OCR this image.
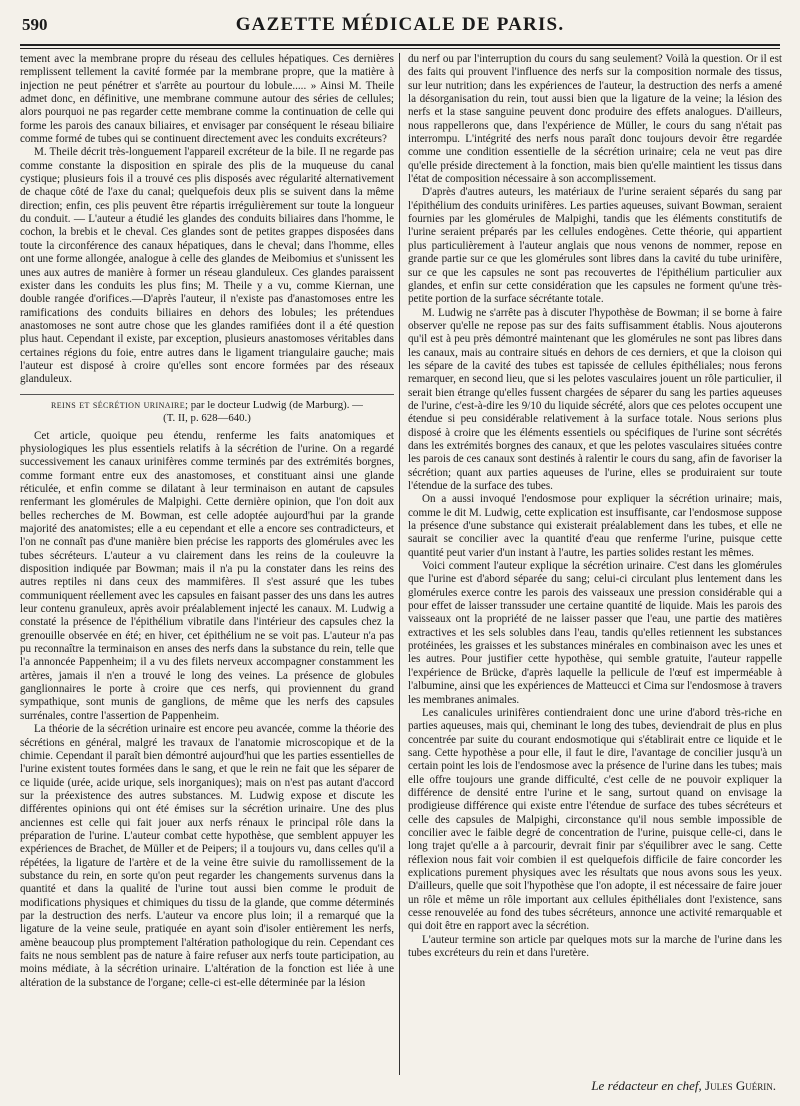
590	GAZETTE MÉDICALE DE PARIS.

tement avec la membrane propre du réseau des cellules hépatiques. Ces dernières remplissent tellement la cavité formée par la membrane propre, que la matière à injection ne peut pénétrer et s'arrête au pourtour du lobule..... » Ainsi M. Theile admet donc, en définitive, une membrane commune autour des séries de cellules; alors pourquoi ne pas regarder cette membrane comme la continuation de celle qui forme les parois des canaux biliaires, et envisager par conséquent le réseau biliaire comme formé de tubes qui se continuent directement avec les conduits excréteurs?

M. Theile décrit très-longuement l'appareil excréteur de la bile. Il ne regarde pas comme constante la disposition en spirale des plis de la muqueuse du canal cystique; plusieurs fois il a trouvé ces plis disposés avec régularité alternativement de chaque côté de l'axe du canal; quelquefois deux plis se suivent dans la même direction; enfin, ces plis peuvent être répartis irrégulièrement sur toute la longueur du conduit. — L'auteur a étudié les glandes des conduits biliaires dans l'homme, le cochon, la brebis et le cheval. Ces glandes sont de petites grappes disposées dans toute la circonférence des canaux hépatiques, dans le cheval; dans l'homme, elles ont une forme allongée, analogue à celle des glandes de Meibomius et s'unissent les unes aux autres de manière à former un réseau glanduleux. Ces glandes paraissent exister dans les conduits les plus fins; M. Theile y a vu, comme Kiernan, une double rangée d'orifices.—D'après l'auteur, il n'existe pas d'anastomoses entre les ramifications des conduits biliaires en dehors des lobules; les prétendues anastomoses ne sont autre chose que les glandes ramifiées dont il a été question plus haut. Cependant il existe, par exception, plusieurs anastomoses véritables dans certaines régions du foie, entre autres dans le ligament triangulaire gauche; mais l'auteur est disposé à croire qu'elles sont encore formées par des réseaux glanduleux.

reins et sécrétion urinaire; par le docteur Ludwig (de Marburg). —
(T. II, p. 628—640.)

Cet article, quoique peu étendu, renferme les faits anatomiques et physiologiques les plus essentiels relatifs à la sécrétion de l'urine. On a regardé successivement les canaux urinifères comme terminés par des extrémités borgnes, comme formant entre eux des anastomoses, et constituant ainsi une glande réticulée, et enfin comme se dilatant à leur terminaison en autant de capsules renfermant les glomérules de Malpighi. Cette dernière opinion, que l'on doit aux belles recherches de M. Bowman, est celle adoptée aujourd'hui par la grande majorité des anatomistes; elle a eu cependant et elle a encore ses contradicteurs, et l'on ne connaît pas d'une manière bien précise les rapports des glomérules avec les tubes sécréteurs. L'auteur a vu clairement dans les reins de la couleuvre la disposition indiquée par Bowman; mais il n'a pu la constater dans les reins des autres reptiles ni dans ceux des mammifères. Il s'est assuré que les tubes communiquent réellement avec les capsules en faisant passer des uns dans les autres leur contenu granuleux, après avoir préalablement injecté les canaux. M. Ludwig a constaté la présence de l'épithélium vibratile dans l'intérieur des capsules chez la grenouille observée en été; en hiver, cet épithélium ne se voit pas. L'auteur n'a pas pu reconnaître la terminaison en anses des nerfs dans la substance du rein, telle que l'a annoncée Pappenheim; il a vu des filets nerveux accompagner constamment les artères, jamais il n'en a trouvé le long des veines. La présence de globules ganglionnaires le porte à croire que ces nerfs, qui proviennent du grand sympathique, sont munis de ganglions, de même que les nerfs des capsules surrénales, contre l'assertion de Pappenheim.

La théorie de la sécrétion urinaire est encore peu avancée, comme la théorie des sécrétions en général, malgré les travaux de l'anatomie microscopique et de la chimie. Cependant il paraît bien démontré aujourd'hui que les parties essentielles de l'urine existent toutes formées dans le sang, et que le rein ne fait que les séparer de ce liquide (urée, acide urique, sels inorganiques); mais on n'est pas autant d'accord sur la préexistence des autres substances. M. Ludwig expose et discute les différentes opinions qui ont été émises sur la sécrétion urinaire. Une des plus anciennes est celle qui fait jouer aux nerfs rénaux le principal rôle dans la préparation de l'urine. L'auteur combat cette hypothèse, que semblent appuyer les expériences de Brachet, de Müller et de Peipers; il a toujours vu, dans celles qu'il a répétées, la ligature de l'artère et de la veine être suivie du ramollissement de la substance du rein, en sorte qu'on peut regarder les changements survenus dans la quantité et dans la qualité de l'urine tout aussi bien comme le produit de modifications physiques et chimiques du tissu de la glande, que comme déterminés par la destruction des nerfs. L'auteur va encore plus loin; il a remarqué que la ligature de la veine seule, pratiquée en ayant soin d'isoler entièrement les nerfs, amène beaucoup plus promptement l'altération pathologique du rein. Cependant ces faits ne nous semblent pas de nature à faire refuser aux nerfs toute participation, au moins médiate, à la sécrétion urinaire. L'altération de la fonction est liée à une altération de la substance de l'organe; celle-ci est-elle déterminée par la lésion

du nerf ou par l'interruption du cours du sang seulement? Voilà la question. Or il est des faits qui prouvent l'influence des nerfs sur la composition normale des tissus, sur leur nutrition; dans les expériences de l'auteur, la destruction des nerfs a amené la désorganisation du rein, tout aussi bien que la ligature de la veine; la lésion des nerfs et la stase sanguine peuvent donc produire des effets analogues. D'ailleurs, nous rappellerons que, dans l'expérience de Müller, le cours du sang n'était pas interrompu. L'intégrité des nerfs nous paraît donc toujours devoir être regardée comme une condition essentielle de la sécrétion urinaire; cela ne veut pas dire qu'elle préside directement à la fonction, mais bien qu'elle maintient les tissus dans l'état de composition nécessaire à son accomplissement.

D'après d'autres auteurs, les matériaux de l'urine seraient séparés du sang par l'épithélium des conduits urinifères. Les parties aqueuses, suivant Bowman, seraient fournies par les glomérules de Malpighi, tandis que les éléments constitutifs de l'urine seraient préparés par les cellules endogènes. Cette théorie, qui appartient plus particulièrement à l'auteur anglais que nous venons de nommer, repose en grande partie sur ce que les glomérules sont libres dans la cavité du tube urinifère, sur ce que les capsules ne sont pas recouvertes de l'épithélium particulier aux glandes, et enfin sur cette considération que les capsules ne forment qu'une très-petite portion de la surface sécrétante totale.

M. Ludwig ne s'arrête pas à discuter l'hypothèse de Bowman; il se borne à faire observer qu'elle ne repose pas sur des faits suffisamment établis. Nous ajouterons qu'il est à peu près démontré maintenant que les glomérules ne sont pas libres dans les canaux, mais au contraire situés en dehors de ces derniers, et que la cloison qui les sépare de la cavité des tubes est tapissée de cellules épithéliales; nous ferons remarquer, en second lieu, que si les pelotes vasculaires jouent un rôle particulier, il serait bien étrange qu'elles fussent chargées de séparer du sang les parties aqueuses de l'urine, c'est-à-dire les 9/10 du liquide sécrété, alors que ces pelotes occupent une étendue si peu considérable relativement à la surface totale. Nous serions plus disposé à croire que les éléments essentiels ou spécifiques de l'urine sont sécrétés dans les extrémités borgnes des canaux, et que les pelotes vasculaires situées contre les parois de ces canaux sont destinés à ralentir le cours du sang, afin de favoriser la sécrétion; quant aux parties aqueuses de l'urine, elles se produiraient sur toute l'étendue de la surface des tubes.

On a aussi invoqué l'endosmose pour expliquer la sécrétion urinaire; mais, comme le dit M. Ludwig, cette explication est insuffisante, car l'endosmose suppose la présence d'une substance qui existerait préalablement dans les tubes, et elle ne saurait se concilier avec la quantité d'eau que renferme l'urine, puisque cette quantité peut varier d'un instant à l'autre, les parties solides restant les mêmes.

Voici comment l'auteur explique la sécrétion urinaire. C'est dans les glomérules que l'urine est d'abord séparée du sang; celui-ci circulant plus lentement dans les glomérules exerce contre les parois des vaisseaux une pression considérable qui a pour effet de laisser transsuder une certaine quantité de liquide. Mais les parois des vaisseaux ont la propriété de ne laisser passer que l'eau, une partie des matières extractives et les sels solubles dans l'eau, tandis qu'elles retiennent les substances protéinées, les graisses et les substances minérales en combinaison avec les unes et les autres. Pour justifier cette hypothèse, qui semble gratuite, l'auteur rappelle l'expérience de Brücke, d'après laquelle la pellicule de l'œuf est imperméable à l'albumine, ainsi que les expériences de Matteucci et Cima sur l'endosmose à travers les membranes animales.

Les canalicules urinifères contiendraient donc une urine d'abord très-riche en parties aqueuses, mais qui, cheminant le long des tubes, deviendrait de plus en plus concentrée par suite du courant endosmotique qui s'établirait entre ce liquide et le sang. Cette hypothèse a pour elle, il faut le dire, l'avantage de concilier jusqu'à un certain point les lois de l'endosmose avec la présence de l'urine dans les tubes; mais elle offre toujours une grande difficulté, c'est celle de ne pouvoir expliquer la différence de densité entre l'urine et le sang, surtout quand on envisage la prodigieuse différence qui existe entre l'étendue de surface des tubes sécréteurs et celle des capsules de Malpighi, circonstance qu'il nous semble impossible de concilier avec le faible degré de concentration de l'urine, puisque celle-ci, dans le long trajet qu'elle a à parcourir, devrait finir par s'équilibrer avec le sang. Cette réflexion nous fait voir combien il est quelquefois difficile de faire concorder les explications purement physiques avec les résultats que nous avons sous les yeux. D'ailleurs, quelle que soit l'hypothèse que l'on adopte, il est nécessaire de faire jouer un rôle et même un rôle important aux cellules épithéliales dont l'existence, sans cesse renouvelée au fond des tubes sécréteurs, annonce une activité remarquable et qui doit être en rapport avec la sécrétion.

L'auteur termine son article par quelques mots sur la marche de l'urine dans les tubes excréteurs du rein et dans l'uretère.

Le rédacteur en chef, Jules Guérin.
